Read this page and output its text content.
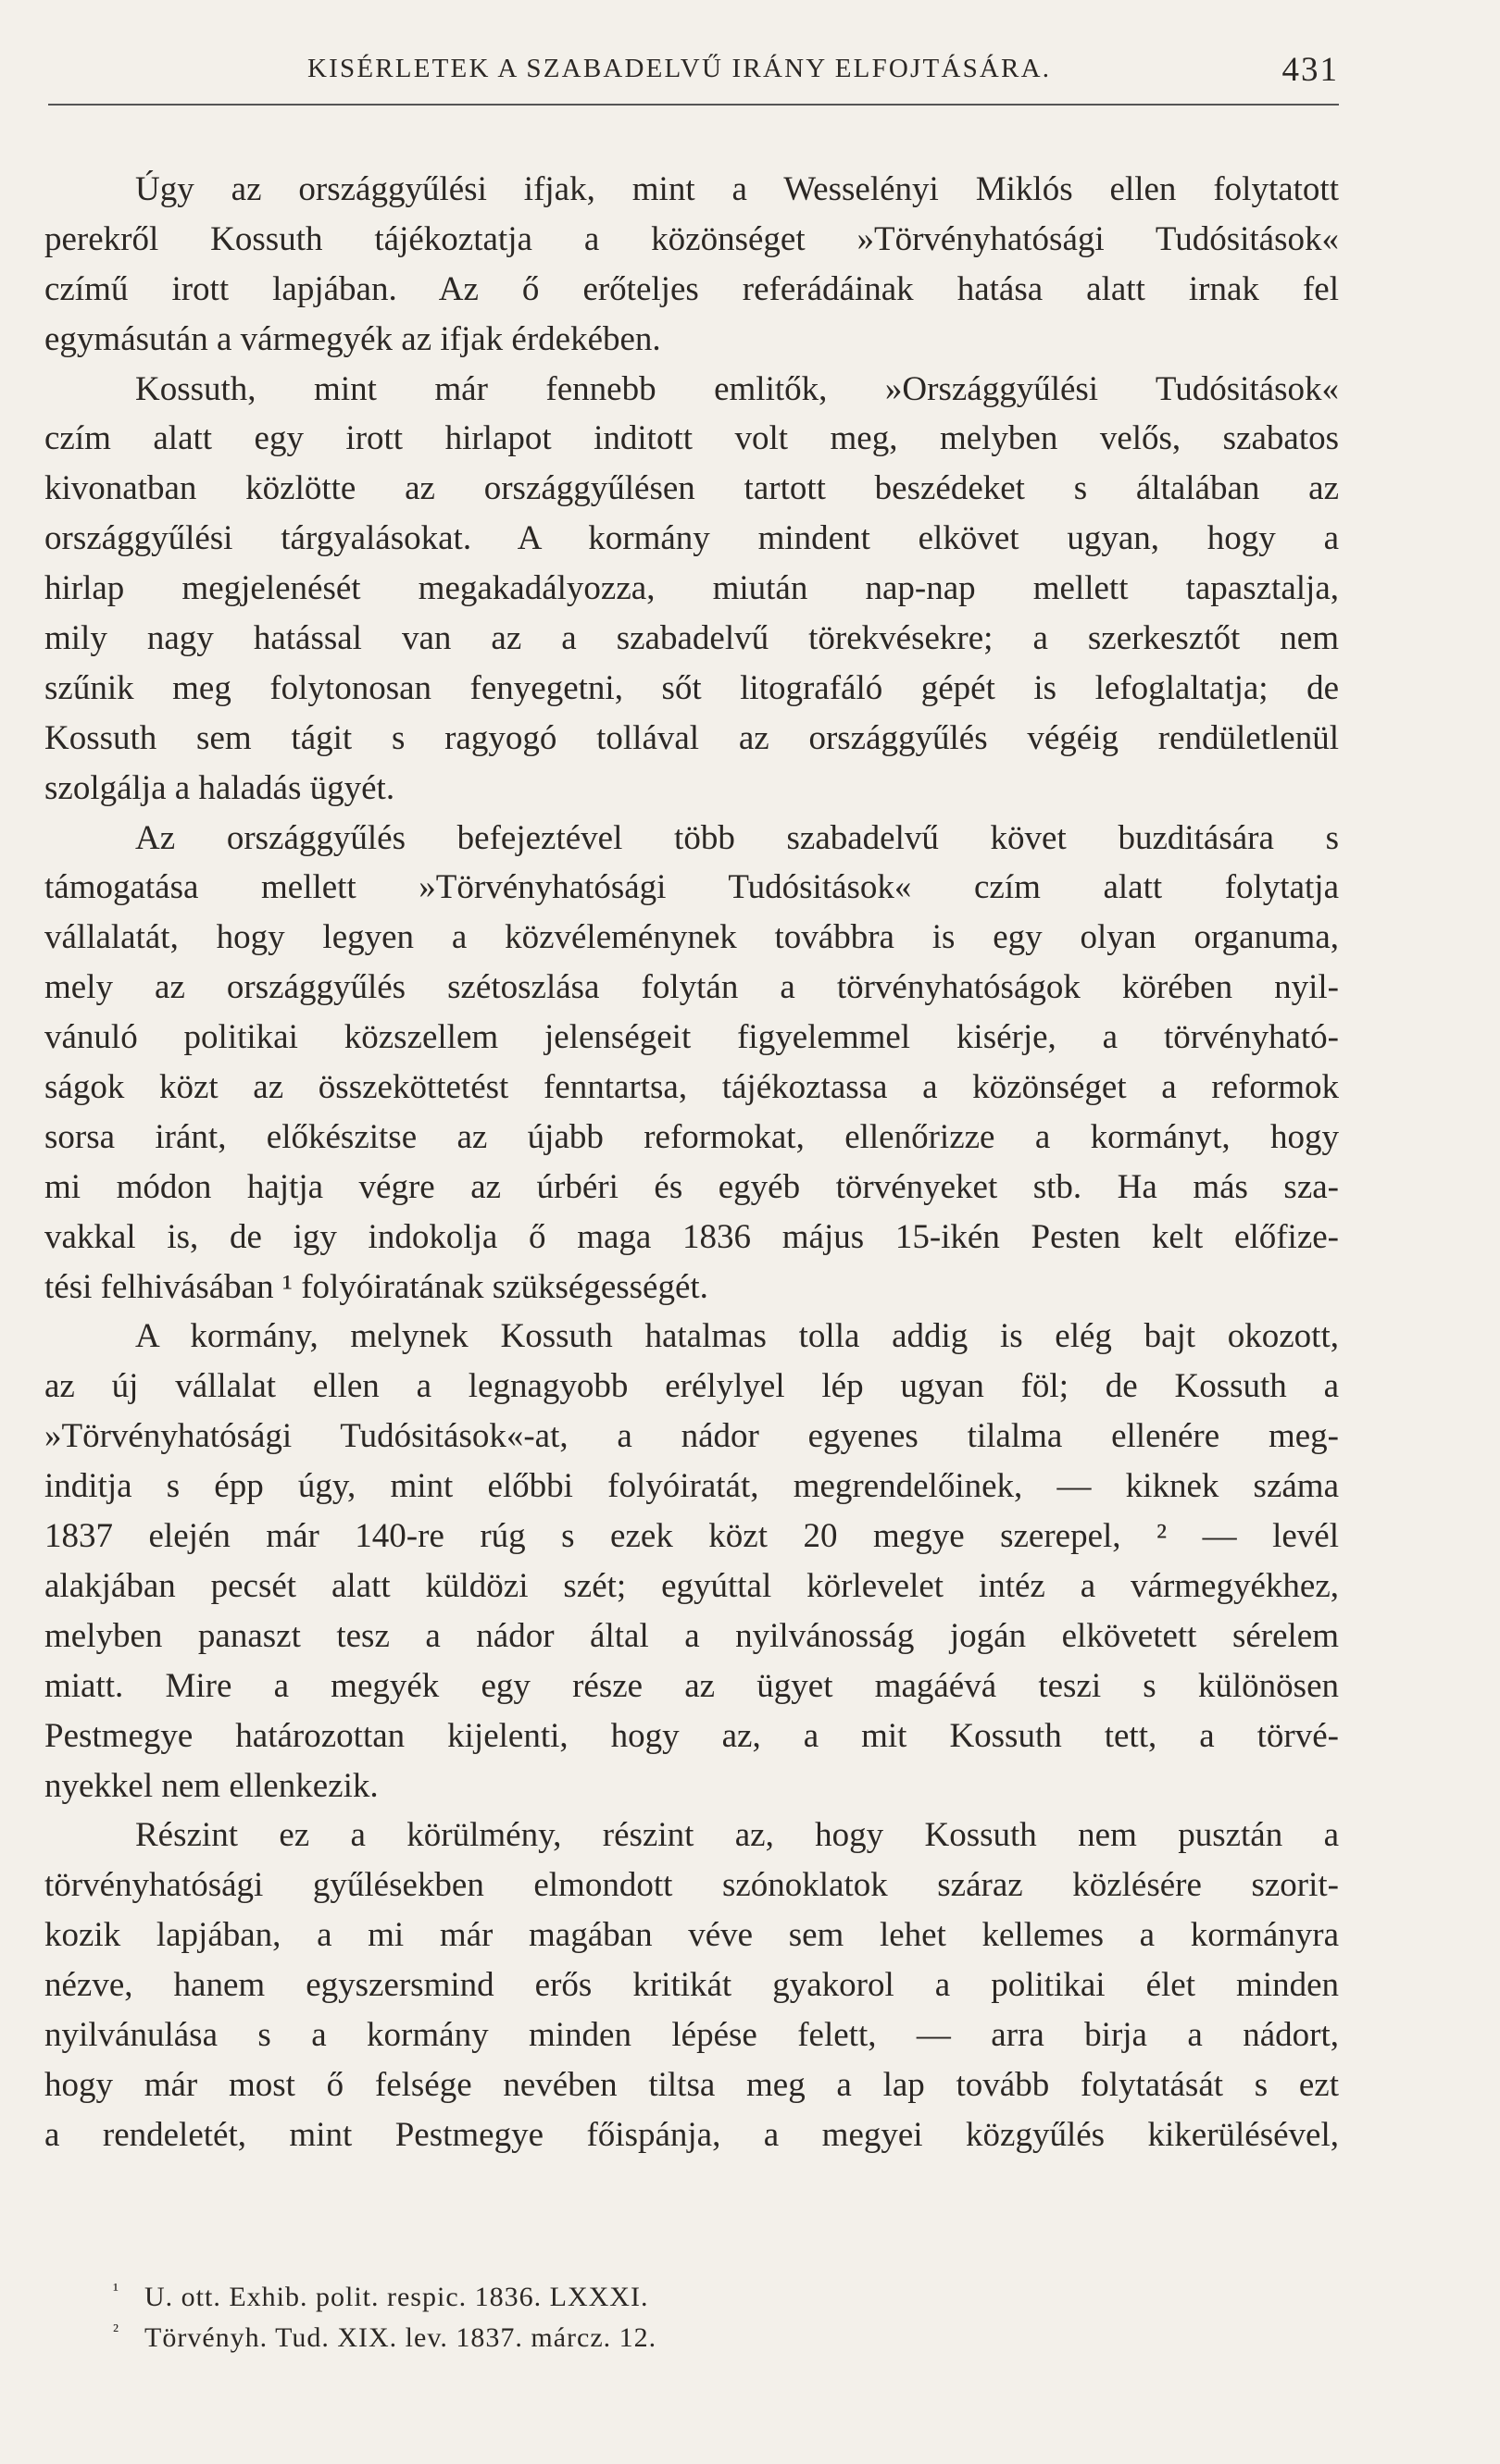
KISÉRLETEK A SZABADELVŰ IRÁNY ELFOJTÁSÁRA.	431
Úgy az országgyűlési ifjak, mint a Wesselényi Miklós ellen folytatott
perekről Kossuth tájékoztatja a közönséget »Törvényhatósági Tudósitások«
czímű irott lapjában. Az ő erőteljes referádáinak hatása alatt irnak fel
egymásután a vármegyék az ifjak érdekében.
Kossuth, mint már fennebb emlitők, »Országgyűlési Tudósitások«
czím alatt egy irott hirlapot inditott volt meg, melyben velős, szabatos
kivonatban közlötte az országgyűlésen tartott beszédeket s általában az
országgyűlési tárgyalásokat. A kormány mindent elkövet ugyan, hogy a
hirlap megjelenését megakadályozza, miután nap-nap mellett tapasztalja,
mily nagy hatással van az a szabadelvű törekvésekre; a szerkesztőt nem
szűnik meg folytonosan fenyegetni, sőt litografáló gépét is lefoglaltatja; de
Kossuth sem tágit s ragyogó tollával az országgyűlés végéig rendületlenül
szolgálja a haladás ügyét.
Az országgyűlés befejeztével több szabadelvű követ buzditására s
támogatása mellett »Törvényhatósági Tudósitások« czím alatt folytatja
vállalatát, hogy legyen a közvéleménynek továbbra is egy olyan organuma,
mely az országgyűlés szétoszlása folytán a törvényhatóságok körében nyil-
vánuló politikai közszellem jelenségeit figyelemmel kisérje, a törvényható-
ságok közt az összeköttetést fenntartsa, tájékoztassa a közönséget a reformok
sorsa iránt, előkészitse az újabb reformokat, ellenőrizze a kormányt, hogy
mi módon hajtja végre az úrbéri és egyéb törvényeket stb. Ha más sza-
vakkal is, de igy indokolja ő maga 1836 május 15-ikén Pesten kelt előfize-
tési felhivásában ¹ folyóiratának szükségességét.
A kormány, melynek Kossuth hatalmas tolla addig is elég bajt okozott,
az új vállalat ellen a legnagyobb erélylyel lép ugyan föl; de Kossuth a
»Törvényhatósági Tudósitások«-at, a nádor egyenes tilalma ellenére meg-
inditja s épp úgy, mint előbbi folyóiratát, megrendelőinek, — kiknek száma
1837 elején már 140-re rúg s ezek közt 20 megye szerepel, ² — levél
alakjában pecsét alatt küldözi szét; egyúttal körlevelet intéz a vármegyékhez,
melyben panaszt tesz a nádor által a nyilvánosság jogán elkövetett sérelem
miatt. Mire a megyék egy része az ügyet magáévá teszi s különösen
Pestmegye határozottan kijelenti, hogy az, a mit Kossuth tett, a törvé-
nyekkel nem ellenkezik.
Részint ez a körülmény, részint az, hogy Kossuth nem pusztán a
törvényhatósági gyűlésekben elmondott szónoklatok száraz közlésére szorit-
kozik lapjában, a mi már magában véve sem lehet kellemes a kormányra
nézve, hanem egyszersmind erős kritikát gyakorol a politikai élet minden
nyilvánulása s a kormány minden lépése felett, — arra birja a nádort,
hogy már most ő felsége nevében tiltsa meg a lap tovább folytatását s ezt
a rendeletét, mint Pestmegye főispánja, a megyei közgyűlés kikerülésével,
¹ U. ott. Exhib. polit. respic. 1836. LXXXI.
² Törvényh. Tud. XIX. lev. 1837. márcz. 12.
